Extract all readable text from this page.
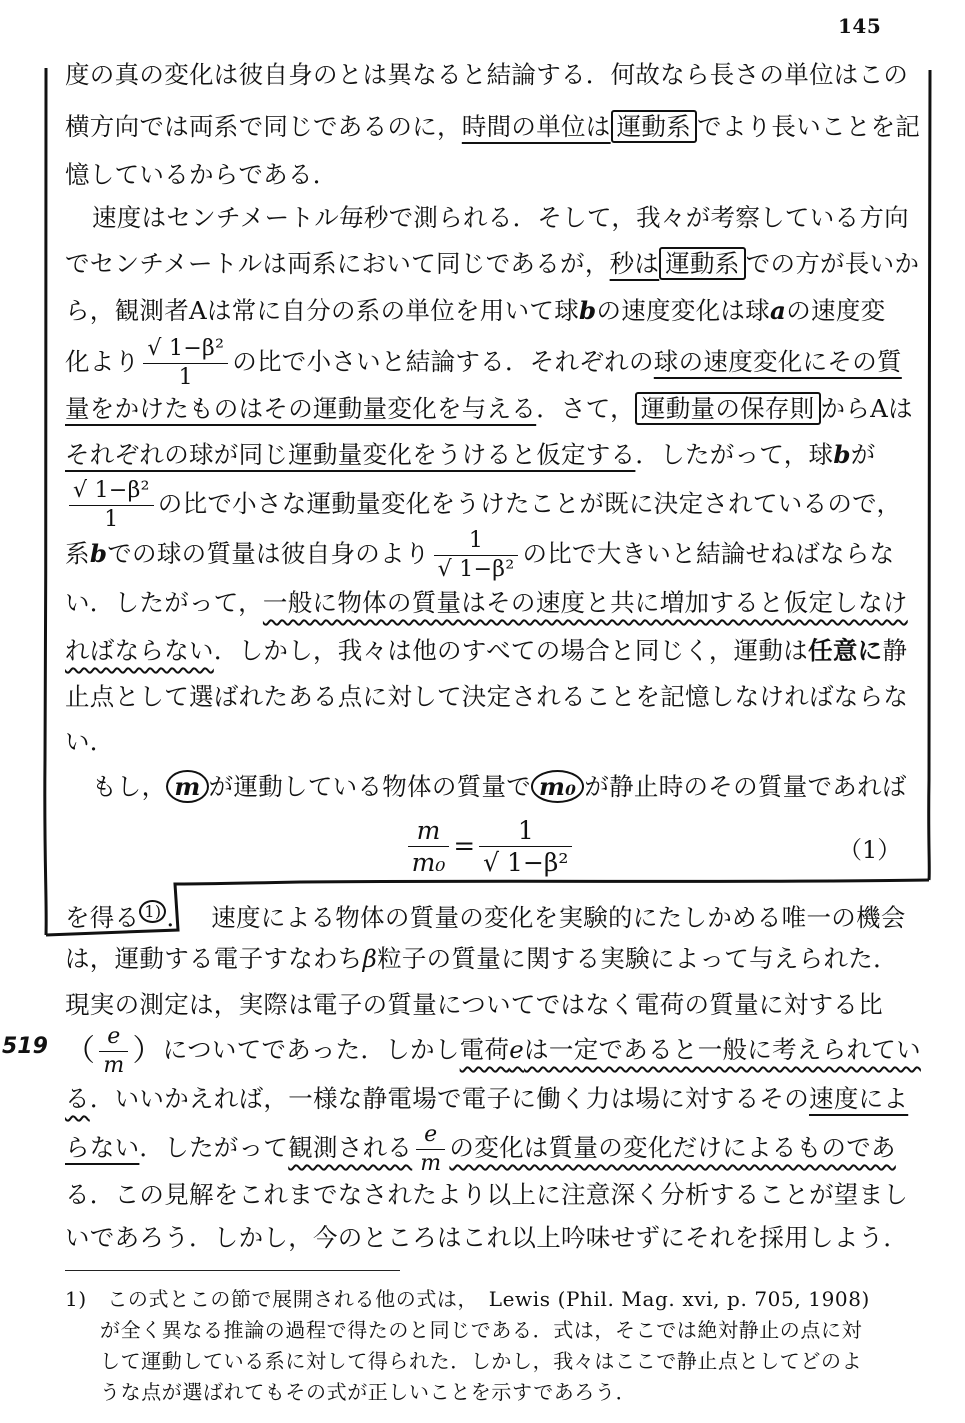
145
度の真の変化は彼自身のとは異なると結論する．何故なら長さの単位はこの
横方向では両系で同じであるのに，時間の単位は 運動系 でより長いことを記
憶しているからである．
速度はセンチメートル毎秒で測られる．そして，我々が考察している方向
でセンチメートルは両系において同じであるが，秒は 運動系 での方が長いか
ら，観測者Aは常に自分の系の単位を用いて球bの速度変化は球aの速度変
化より $\frac{\text{√ 1−β²}}{1}$ の比で小さいと結論する．それぞれの球の速度変化にその質
量をかけたものはその運動量変化を与える．さて， 運動量の保存則 からAは
それぞれの球が同じ運動量変化をうけると仮定する．したがって，球bが
$\frac{\text{√ 1−β²}}{1}$ の比で小さな運動量変化をうけたことが既に決定されているので，
系bでの球の質量は彼自身のより $\frac{1}{\text{√ 1−β²}}$ の比で大きいと結論せねばならな
い．したがって，一般に物体の質量はその速度と共に増加すると仮定しなけ
ればならない．しかし，我々は他のすべての場合と同じく，運動は任意に静
止点として選ばれたある点に対して決定されることを記憶しなければならな
い．
もし， m が運動している物体の質量で m₀ が静止時のその質量であれば
$\frac{m}{\text{m₀}} = \frac{1}{\text{√ 1−β²}}$	（1）
を得る $^{1)}$ ． 速度による物体の質量の変化を実験的にたしかめる唯一の機会
は，運動する電子すなわちβ粒子の質量に関する実験によって与えられた．
現実の測定は，実際は電子の質量についてではなく電荷の質量に対する比
519 （ $\frac{e}{m}$ ）についてであった．しかし電荷eは一定であると一般に考えられてい
る．いいかえれば，一様な静電場で電子に働く力は場に対するその速度によ
らない．したがって観測される $\frac{e}{m}$ の変化は質量の変化だけによるものであ
る．この見解をこれまでなされたより以上に注意深く分析することが望まし
いであろう．しかし，今のところはこれ以上吟味せずにそれを採用しよう．
1)　この式とこの節で展開される他の式は，　Lewis (Phil. Mag. xvi, p. 705, 1908)
が全く異なる推論の過程で得たのと同じである．式は，そこでは絶対静止の点に対
して運動している系に対して得られた．しかし，我々はここで静止点としてどのよ
うな点が選ばれてもその式が正しいことを示すであろう．
